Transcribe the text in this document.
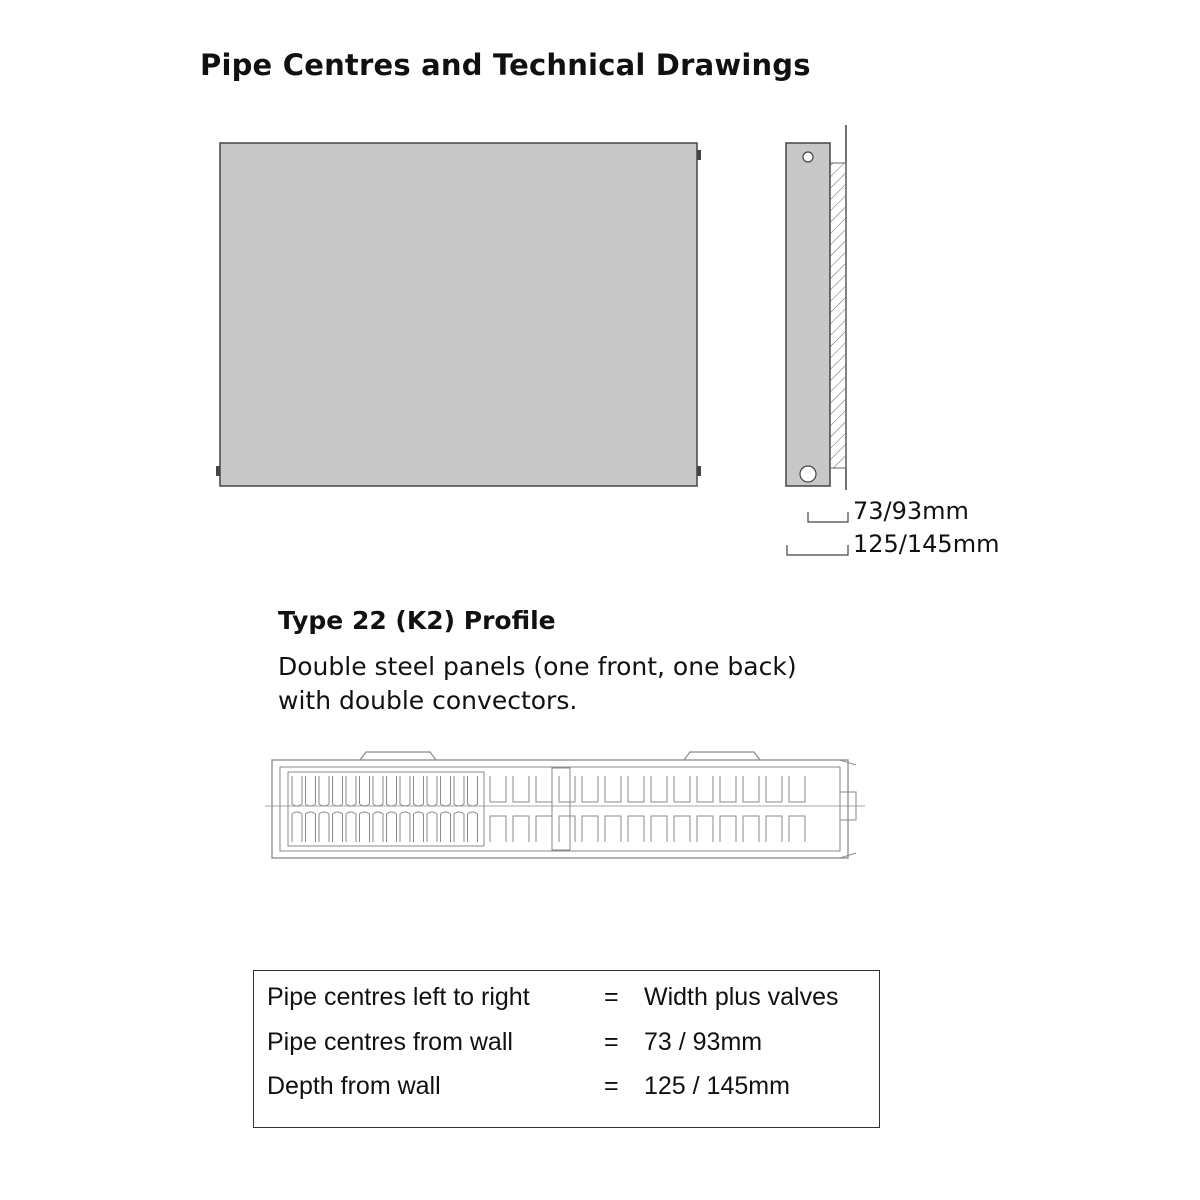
Pipe Centres and Technical Drawings
73/93mm
125/145mm
Type 22 (K2) Profile
Double steel panels (one front, one back)
with double convectors.
Pipe centres left to right	= Width plus valves
Pipe centres from wall	= 73 / 93mm
Depth from wall	= 125 / 145mm
